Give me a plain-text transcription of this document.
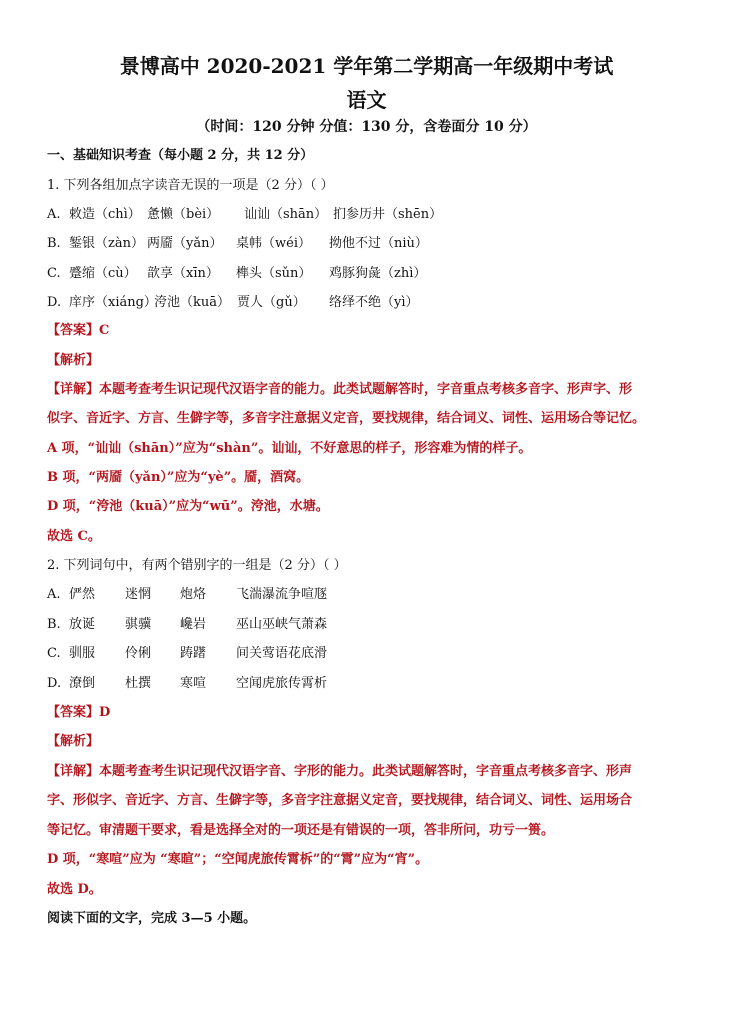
景博高中 2020-2021 学年第二学期高一年级期中考试
语文
（时间：120 分钟 分值：130 分，含卷面分 10 分）
一、基础知识考查（每小题 2 分，共 12 分）
1. 下列各组加点字读音无误的一项是（2 分）（ ）
A. 敕造（chì） 惫懒（bèi） 讪讪（shān） 扪参历井（shēn）
B. 錾银（zàn） 两靥（yǎn） 桌帏（wéi） 拗他不过（niù）
C. 蹙缩（cù） 歆享（xīn） 榫头（sǔn） 鸡豚狗彘（zhì）
D. 庠序（xiáng）
洿池（kuā） 贾人（gǔ） 络绎不绝（yì）
【答案】C
【解析】
【详解】本题考查考生识记现代汉语字音的能力。此类试题解答时，字音重点考核多音字、形声字、形
似字、音近字、方言、生僻字等，多音字注意据义定音，要找规律，结合词义、词性、运用场合等记忆。
A 项，“讪讪（shān）”应为“shàn”。讪讪，不好意思的样子，形容难为情的样子。
B 项，“两靥（yǎn）”应为“yè”。靥，酒窝。
D 项，“洿池（kuā）”应为“wū”。洿池，水塘。
故选 C。
2. 下列词句中，有两个错别字的一组是（2 分）（ ）
A. 俨然 迷惘 炮烙 飞湍瀑流争喧豗
B. 放诞 骐骥 巉岩 巫山巫峡气萧森
C. 驯服 伶俐 踌躇 间关莺语花底滑
D. 潦倒 杜撰 寒喧 空闻虎旅传霄析
【答案】D
【解析】
【详解】本题考查考生识记现代汉语字音、字形的能力。此类试题解答时，字音重点考核多音字、形声
字、形似字、音近字、方言、生僻字等，多音字注意据义定音，要找规律，结合词义、词性、运用场合
等记忆。审清题干要求，看是选择全对的一项还是有错误的一项，答非所问，功亏一篑。
D 项，“寒喧”应为 “寒暄”；“空闻虎旅传霄柝”的“霄”应为“宵”。
故选 D。
阅读下面的文字，完成 3—5 小题。
